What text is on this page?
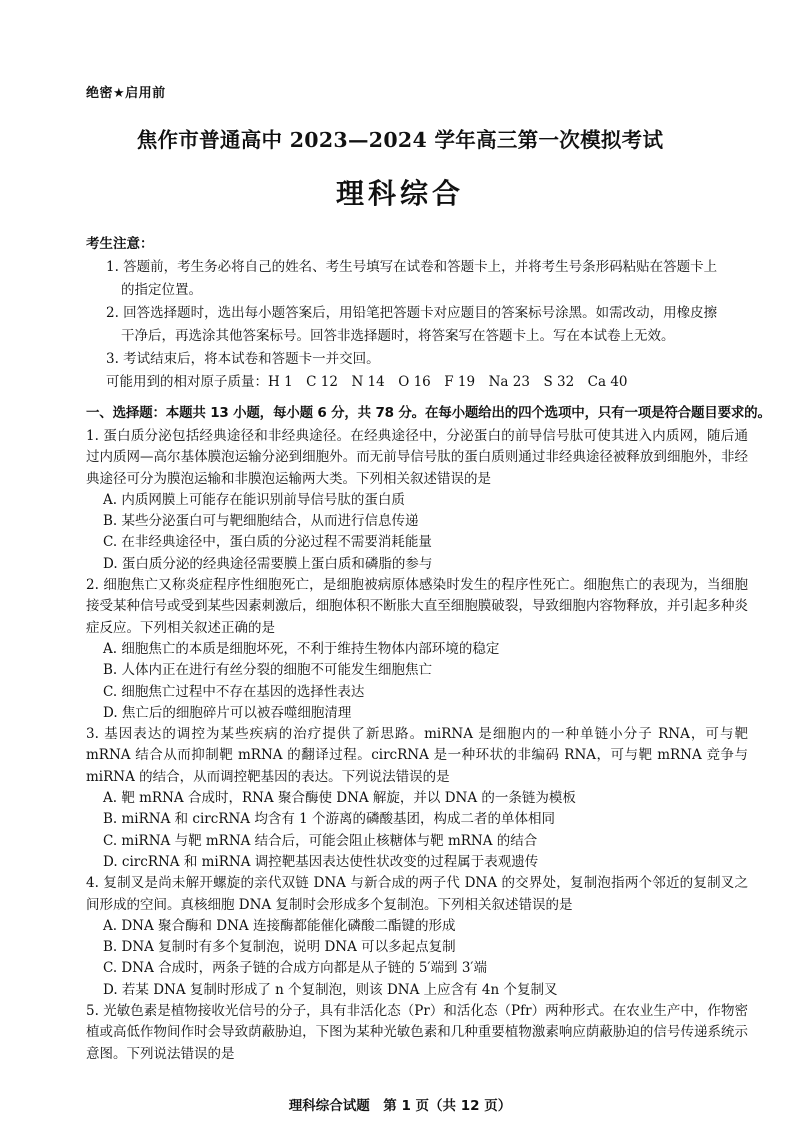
绝密★启用前
焦作市普通高中 2023—2024 学年高三第一次模拟考试
理科综合
考生注意：

1. 答题前，考生务必将自己的姓名、考生号填写在试卷和答题卡上，并将考生号条形码粘贴在答题卡上

的指定位置。

2. 回答选择题时，选出每小题答案后，用铅笔把答题卡对应题目的答案标号涂黑。如需改动，用橡皮擦

干净后，再选涂其他答案标号。回答非选择题时，将答案写在答题卡上。写在本试卷上无效。

3. 考试结束后，将本试卷和答题卡一并交回。

可能用到的相对原子质量：H 1　C 12　N 14　O 16　F 19　Na 23　S 32　Ca 40

一、选择题：本题共 13 小题，每小题 6 分，共 78 分。在每小题给出的四个选项中，只有一项是符合题目要求的。

1. 蛋白质分泌包括经典途径和非经典途径。在经典途径中，分泌蛋白的前导信号肽可使其进入内质网，随后通过内质网—高尔基体膜泡运输分泌到细胞外。而无前导信号肽的蛋白质则通过非经典途径被释放到细胞外，非经典途径可分为膜泡运输和非膜泡运输两大类。下列相关叙述错误的是

A. 内质网膜上可能存在能识别前导信号肽的蛋白质

B. 某些分泌蛋白可与靶细胞结合，从而进行信息传递

C. 在非经典途径中，蛋白质的分泌过程不需要消耗能量

D. 蛋白质分泌的经典途径需要膜上蛋白质和磷脂的参与

2. 细胞焦亡又称炎症程序性细胞死亡，是细胞被病原体感染时发生的程序性死亡。细胞焦亡的表现为，当细胞接受某种信号或受到某些因素刺激后，细胞体积不断胀大直至细胞膜破裂，导致细胞内容物释放，并引起多种炎症反应。下列相关叙述正确的是

A. 细胞焦亡的本质是细胞坏死，不利于维持生物体内部环境的稳定

B. 人体内正在进行有丝分裂的细胞不可能发生细胞焦亡

C. 细胞焦亡过程中不存在基因的选择性表达

D. 焦亡后的细胞碎片可以被吞噬细胞清理

3. 基因表达的调控为某些疾病的治疗提供了新思路。miRNA 是细胞内的一种单链小分子 RNA，可与靶 mRNA 结合从而抑制靶 mRNA 的翻译过程。circRNA 是一种环状的非编码 RNA，可与靶 mRNA 竞争与 miRNA 的结合，从而调控靶基因的表达。下列说法错误的是

A. 靶 mRNA 合成时，RNA 聚合酶使 DNA 解旋，并以 DNA 的一条链为模板

B. miRNA 和 circRNA 均含有 1 个游离的磷酸基团，构成二者的单体相同

C. miRNA 与靶 mRNA 结合后，可能会阻止核糖体与靶 mRNA 的结合

D. circRNA 和 miRNA 调控靶基因表达使性状改变的过程属于表观遗传

4. 复制叉是尚未解开螺旋的亲代双链 DNA 与新合成的两子代 DNA 的交界处，复制泡指两个邻近的复制叉之间形成的空间。真核细胞 DNA 复制时会形成多个复制泡。下列相关叙述错误的是

A. DNA 聚合酶和 DNA 连接酶都能催化磷酸二酯键的形成

B. DNA 复制时有多个复制泡，说明 DNA 可以多起点复制

C. DNA 合成时，两条子链的合成方向都是从子链的 5′端到 3′端

D. 若某 DNA 复制时形成了 n 个复制泡，则该 DNA 上应含有 4n 个复制叉

5. 光敏色素是植物接收光信号的分子，具有非活化态（Pr）和活化态（Pfr）两种形式。在农业生产中，作物密植或高低作物间作时会导致荫蔽胁迫，下图为某种光敏色素和几种重要植物激素响应荫蔽胁迫的信号传递系统示意图。下列说法错误的是

理科综合试题　第 1 页（共 12 页）
